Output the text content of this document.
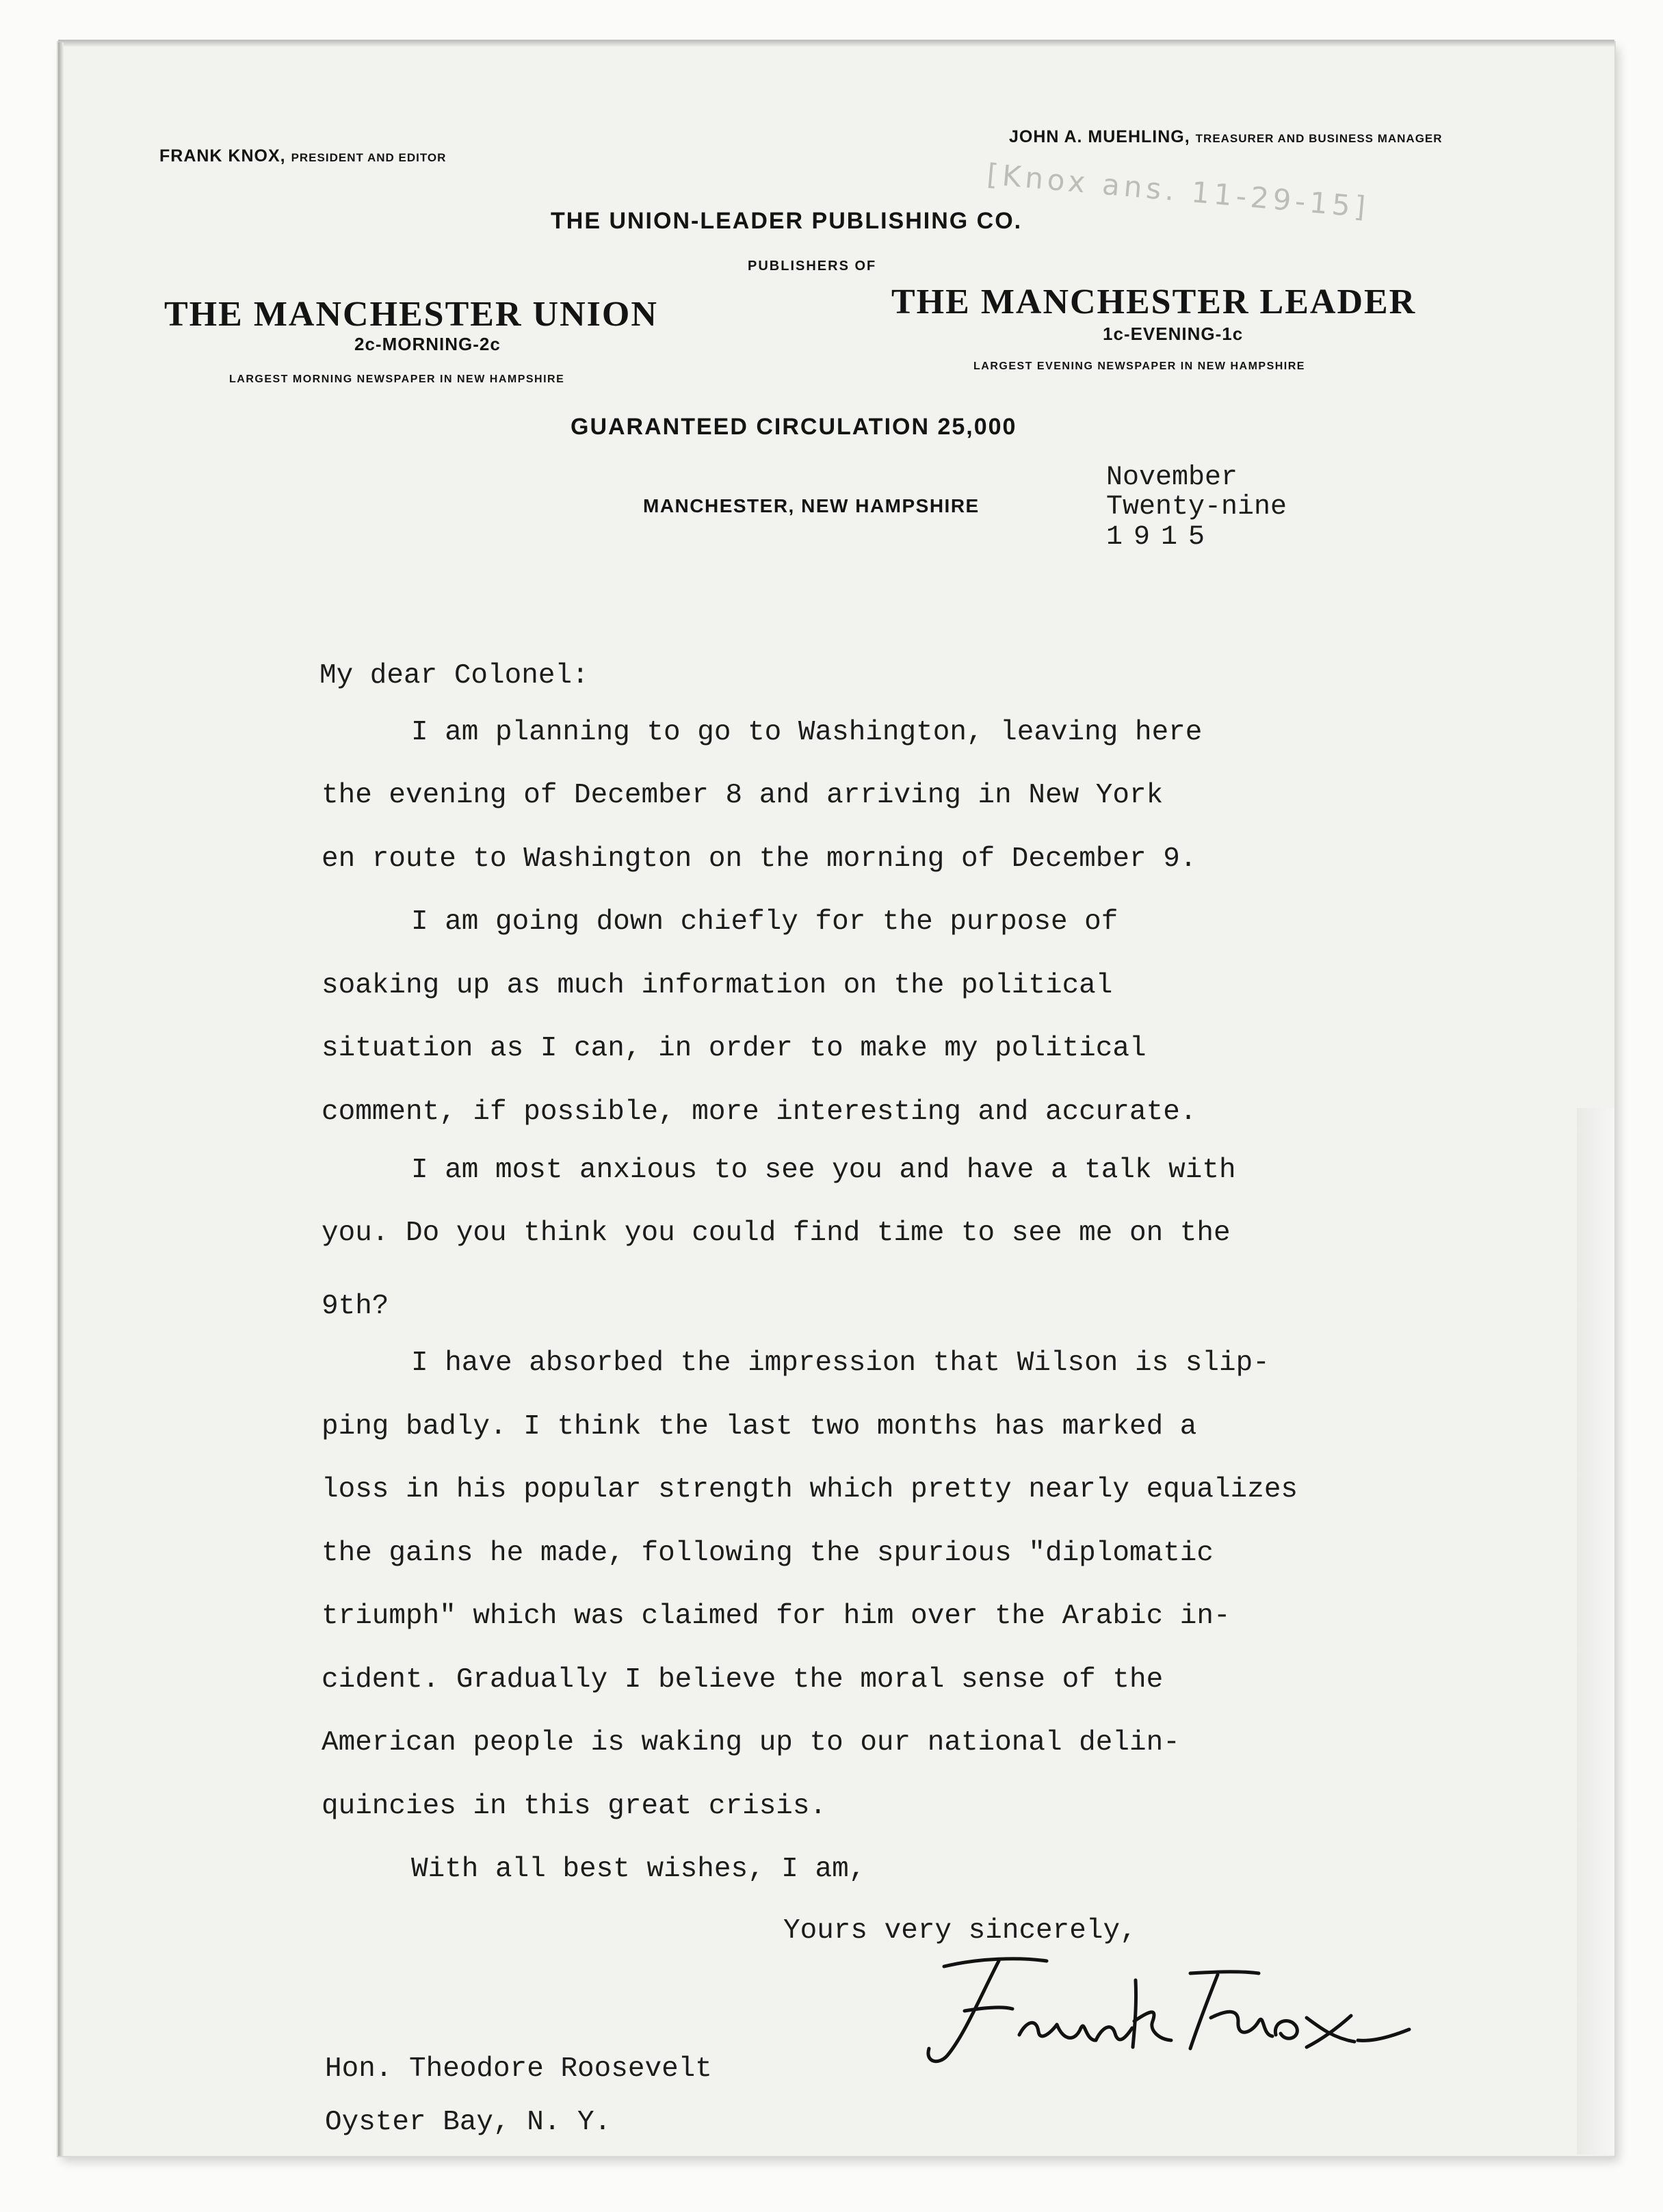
FRANK KNOX, PRESIDENT AND EDITOR
JOHN A. MUEHLING, TREASURER AND BUSINESS MANAGER
THE UNION-LEADER PUBLISHING CO.
PUBLISHERS OF
THE MANCHESTER UNION
2c-MORNING-2c
LARGEST MORNING NEWSPAPER IN NEW HAMPSHIRE
THE MANCHESTER LEADER
1c-EVENING-1c
LARGEST EVENING NEWSPAPER IN NEW HAMPSHIRE
GUARANTEED CIRCULATION 25,000
MANCHESTER, NEW HAMPSHIRE
[Knox ans. 11-29-15]
November
Twenty-nine
1915
My dear Colonel:
I am planning to go to Washington, leaving here
the evening of December 8 and arriving in New York
en route to Washington on the morning of December 9.
I am going down chiefly for the purpose of
soaking up as much information on the political
situation as I can, in order to make my political
comment, if possible, more interesting and accurate.
I am most anxious to see you and have a talk with
you. Do you think you could find time to see me on the
9th?
I have absorbed the impression that Wilson is slip-
ping badly. I think the last two months has marked a
loss in his popular strength which pretty nearly equalizes
the gains he made, following the spurious "diplomatic
triumph" which was claimed for him over the Arabic in-
cident. Gradually I believe the moral sense of the
American people is waking up to our national delin-
quincies in this great crisis.
With all best wishes, I am,
Yours very sincerely,
Frank Knox
Hon. Theodore Roosevelt
Oyster Bay, N. Y.
